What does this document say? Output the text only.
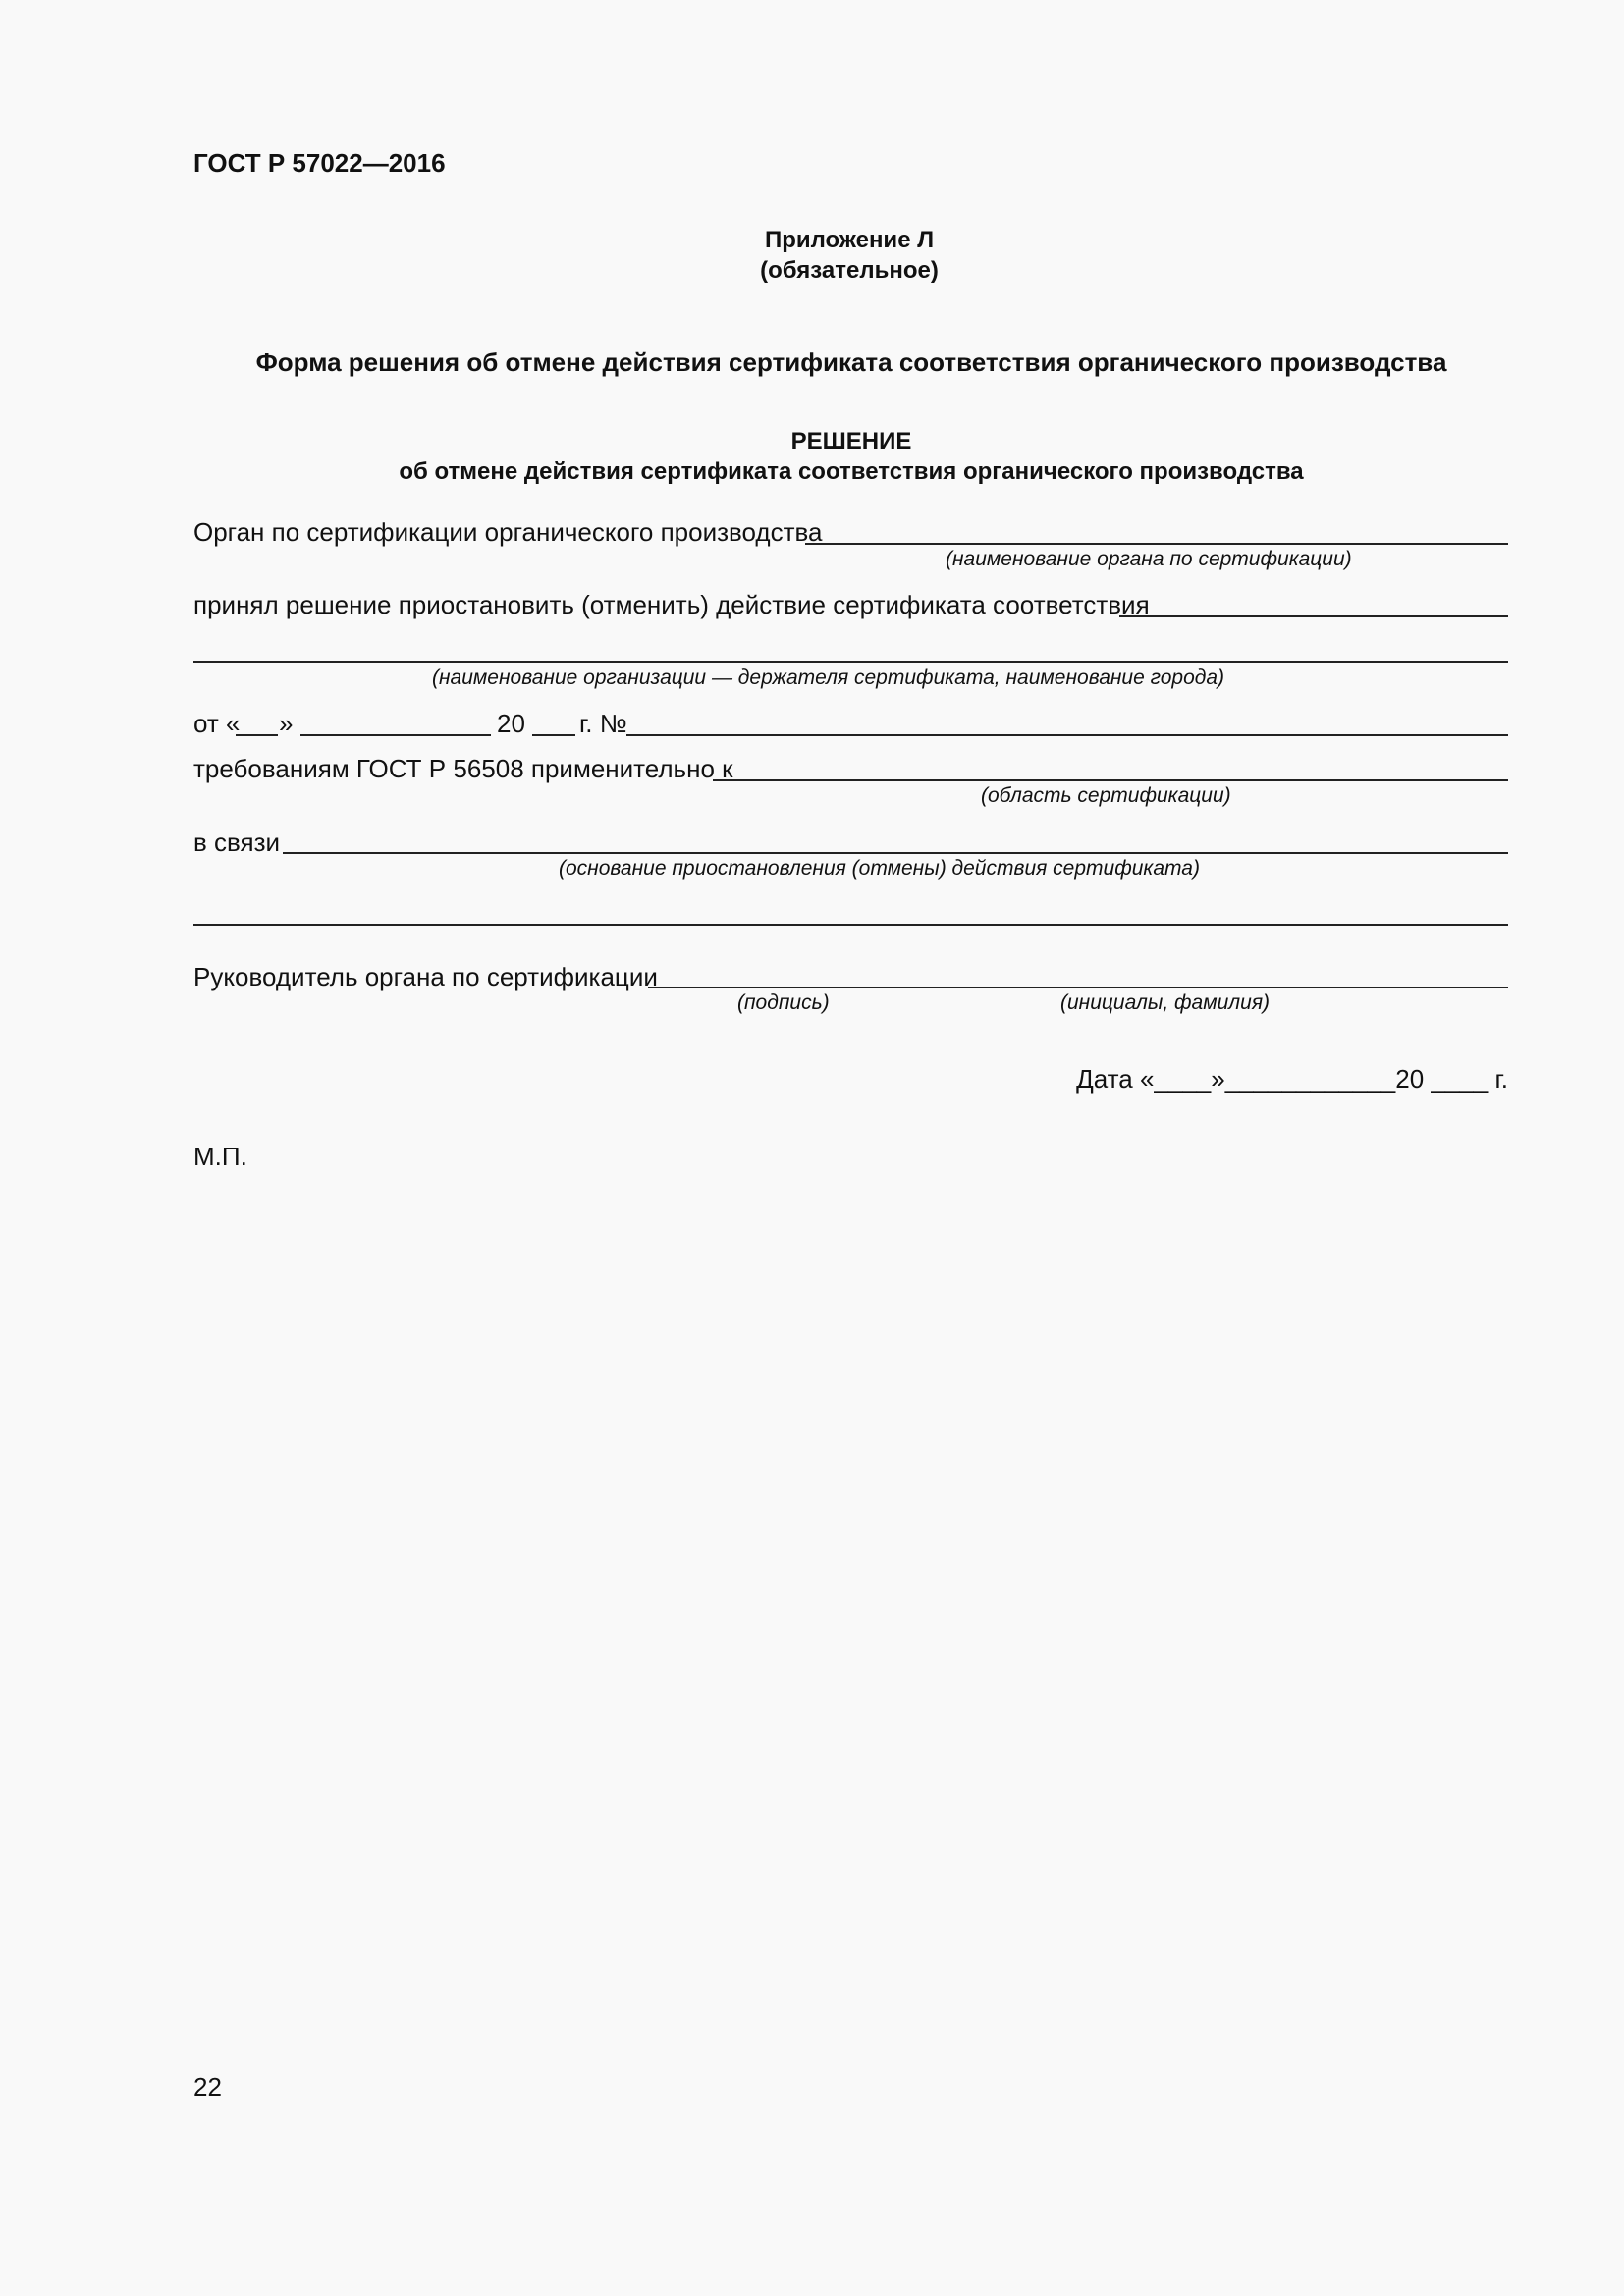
ГОСТ Р 57022—2016
Приложение Л
(обязательное)
Форма решения об отмене действия сертификата соответствия органического производства
РЕШЕНИЕ
об отмене действия сертификата соответствия органического производства
Орган по сертификации органического производства
(наименование органа по сертификации)
принял решение приостановить (отменить) действие сертификата соответствия
(наименование организации — держателя сертификата, наименование города)
от « »	20 г. №
требованиям ГОСТ Р 56508 применительно к
(область сертификации)
в связи
(основание приостановления (отмены) действия сертификата)
Руководитель органа по сертификации
(подпись)	(инициалы, фамилия)
Дата «____»____________20 ____ г.
М.П.
22
